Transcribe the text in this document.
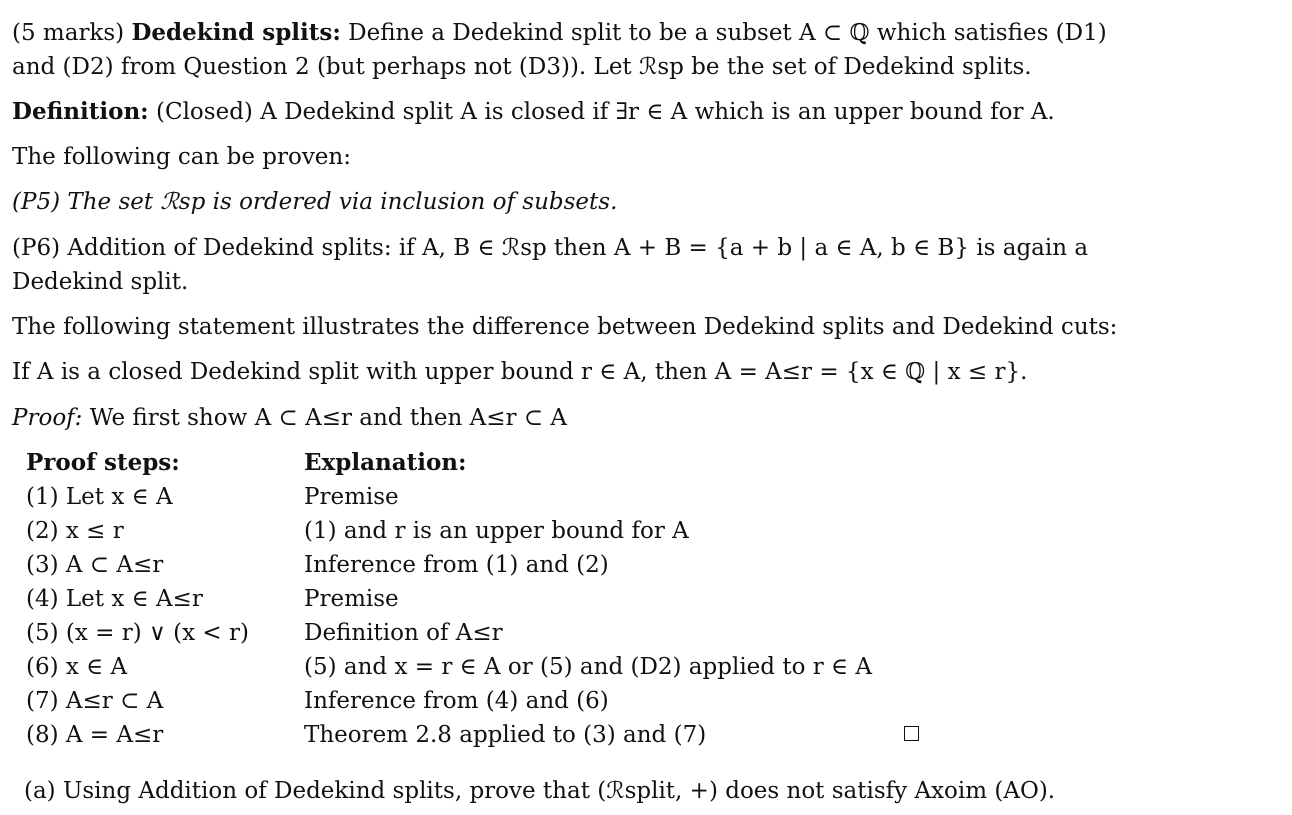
(5 marks) Dedekind splits: Define a Dedekind split to be a subset A ⊂ ℚ which satisfies (D1)
and (D2) from Question 2 (but perhaps not (D3)). Let ℛsp be the set of Dedekind splits.
Definition: (Closed) A Dedekind split A is closed if ∃r ∈ A which is an upper bound for A.
The following can be proven:
(P5) The set ℛsp is ordered via inclusion of subsets.
(P6) Addition of Dedekind splits: if A, B ∈ ℛsp then A + B = {a + b | a ∈ A, b ∈ B} is again a
Dedekind split.
The following statement illustrates the difference between Dedekind splits and Dedekind cuts:
If A is a closed Dedekind split with upper bound r ∈ A, then A = A≤r = {x ∈ ℚ | x ≤ r}.
Proof: We first show A ⊂ A≤r and then A≤r ⊂ A
Proof steps:	Explanation:
(1) Let x ∈ A	Premise
(2) x ≤ r	(1) and r is an upper bound for A
(3) A ⊂ A≤r	Inference from (1) and (2)
(4) Let x ∈ A≤r	Premise
(5) (x = r) ∨ (x < r) Definition of A≤r
(6) x ∈ A	(5) and x = r ∈ A or (5) and (D2) applied to r ∈ A
(7) A≤r ⊂ A	Inference from (4) and (6)
(8) A = A≤r	Theorem 2.8 applied to (3) and (7)
(a) Using Addition of Dedekind splits, prove that (ℛsplit, +) does not satisfy Axoim (AO).
